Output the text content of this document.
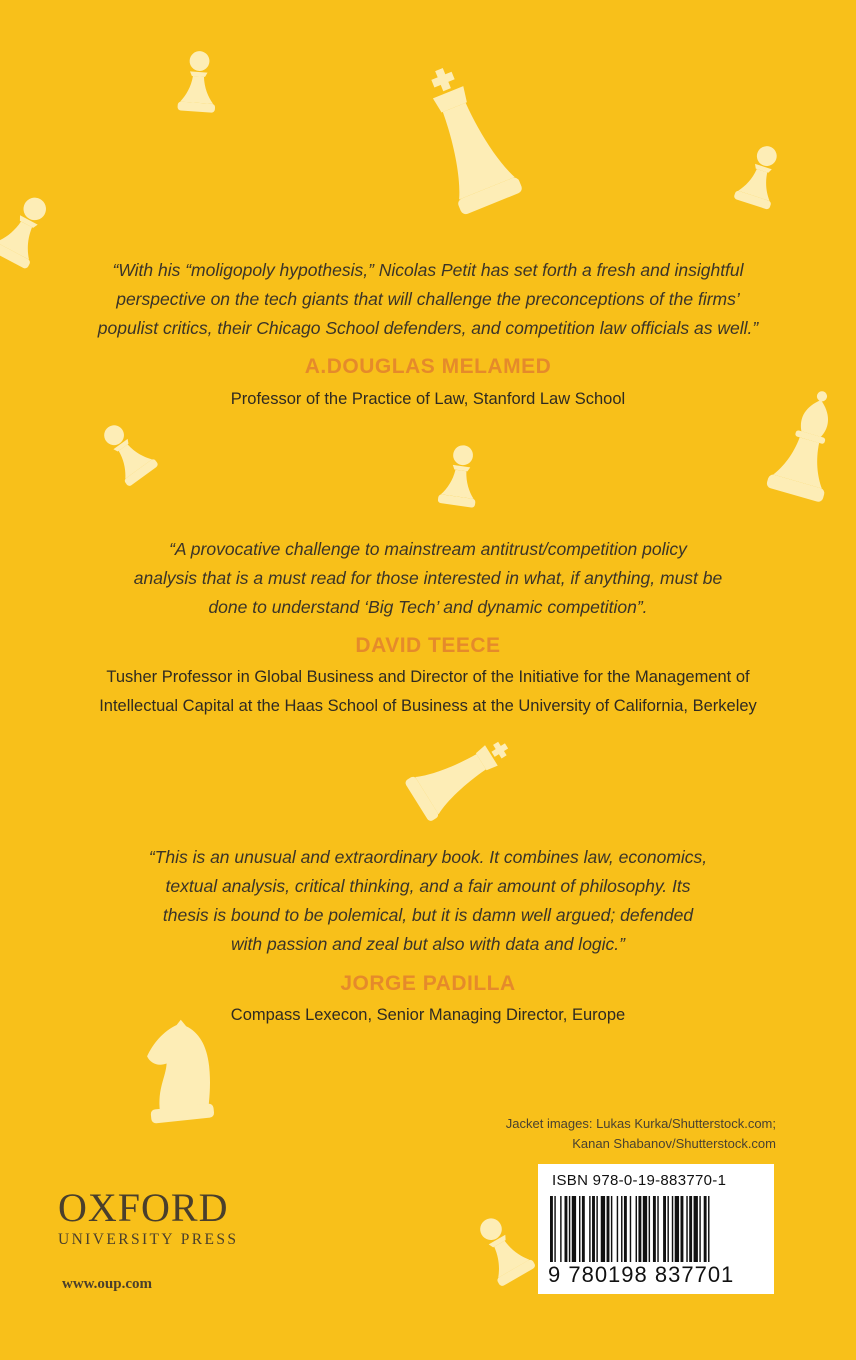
“With his “moligopoly hypothesis,” Nicolas Petit has set forth a fresh and insightful
perspective on the tech giants that will challenge the preconceptions of the firms’
populist critics, their Chicago School defenders, and competition law officials as well.”
A.DOUGLAS MELAMED
Professor of the Practice of Law, Stanford Law School
“A provocative challenge to mainstream antitrust/competition policy
analysis that is a must read for those interested in what, if anything, must be
done to understand ‘Big Tech’ and dynamic competition”.
DAVID TEECE
Tusher Professor in Global Business and Director of the Initiative for the Management of
Intellectual Capital at the Haas School of Business at the University of California, Berkeley
“This is an unusual and extraordinary book. It combines law, economics,
textual analysis, critical thinking, and a fair amount of philosophy. Its
thesis is bound to be polemical, but it is damn well argued; defended
with passion and zeal but also with data and logic.”
JORGE PADILLA
Compass Lexecon, Senior Managing Director, Europe
Jacket images: Lukas Kurka/Shutterstock.com;
Kanan Shabanov/Shutterstock.com
OXFORD
UNIVERSITY PRESS
www.oup.com
ISBN 978-0-19-883770-1
9 780198 837701
